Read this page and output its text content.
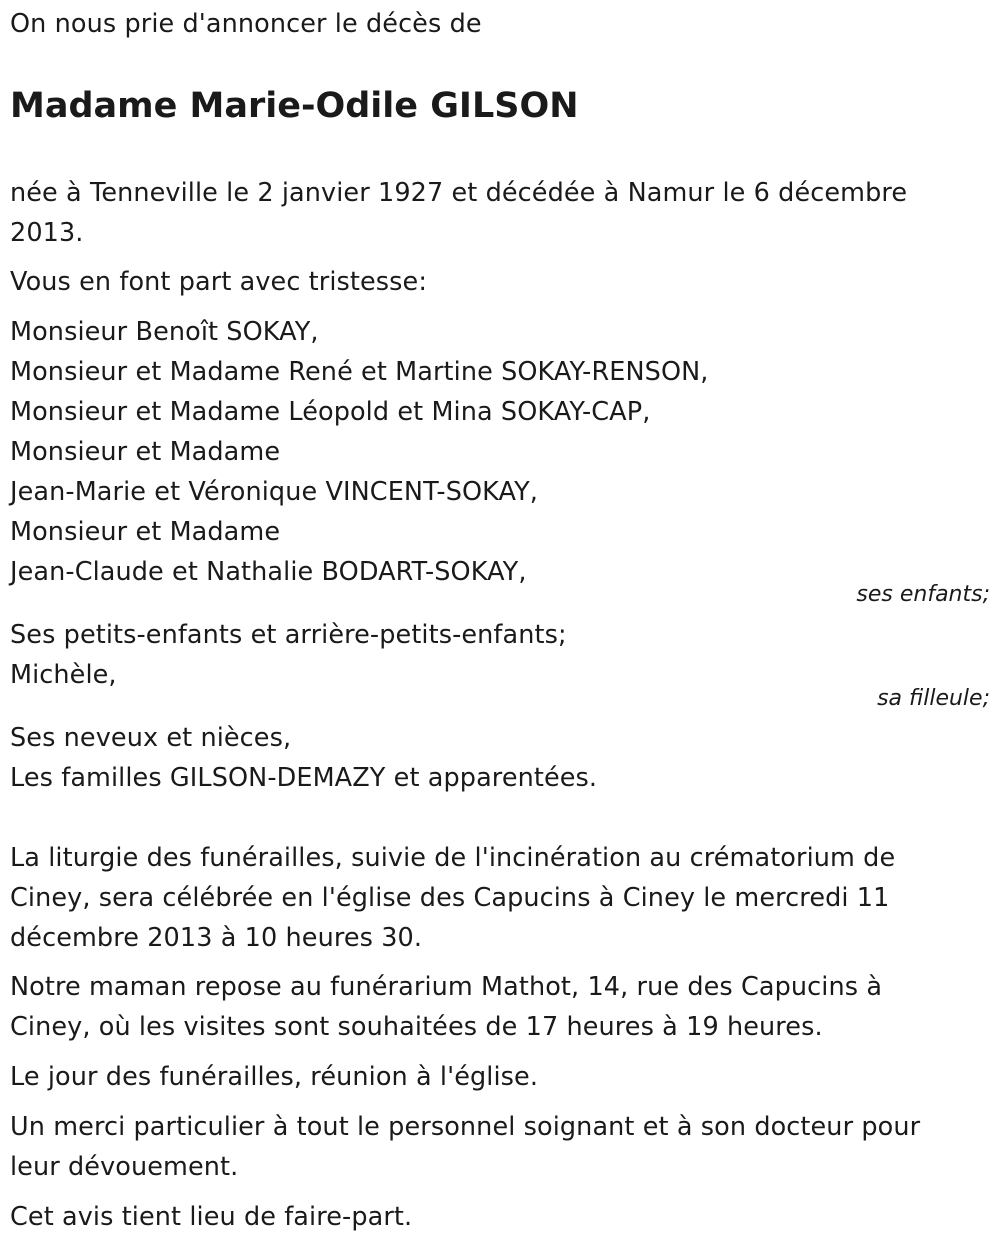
On nous prie d'annoncer le décès de
Madame Marie-Odile GILSON
née à Tenneville le 2 janvier 1927 et décédée à Namur le 6 décembre
2013.
Vous en font part avec tristesse:
Monsieur Benoît SOKAY,
Monsieur et Madame René et Martine SOKAY-RENSON,
Monsieur et Madame Léopold et Mina SOKAY-CAP,
Monsieur et Madame
Jean-Marie et Véronique VINCENT-SOKAY,
Monsieur et Madame
Jean-Claude et Nathalie BODART-SOKAY,
ses enfants;
Ses petits-enfants et arrière-petits-enfants;
Michèle,
sa filleule;
Ses neveux et nièces,
Les familles GILSON-DEMAZY et apparentées.
La liturgie des funérailles, suivie de l'incinération au crématorium de
Ciney, sera célébrée en l'église des Capucins à Ciney le mercredi 11
décembre 2013 à 10 heures 30.
Notre maman repose au funérarium Mathot, 14, rue des Capucins à
Ciney, où les visites sont souhaitées de 17 heures à 19 heures.
Le jour des funérailles, réunion à l'église.
Un merci particulier à tout le personnel soignant et à son docteur pour
leur dévouement.
Cet avis tient lieu de faire-part.
